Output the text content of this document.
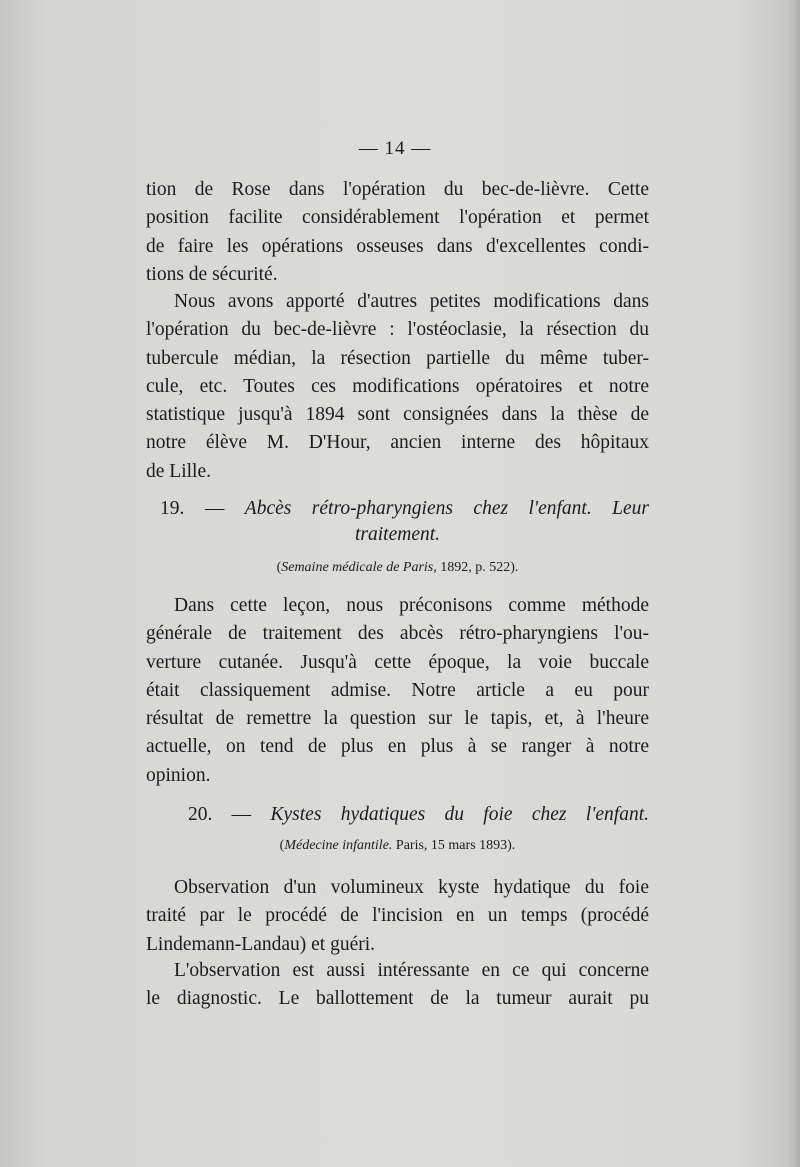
— 14 —
tion de Rose dans l'opération du bec-de-lièvre. Cette
position facilite considérablement l'opération et permet
de faire les opérations osseuses dans d'excellentes condi-
tions de sécurité.
Nous avons apporté d'autres petites modifications dans
l'opération du bec-de-lièvre : l'ostéoclasie, la résection du
tubercule médian, la résection partielle du même tuber-
cule, etc. Toutes ces modifications opératoires et notre
statistique jusqu'à 1894 sont consignées dans la thèse de
notre élève M. D'Hour, ancien interne des hôpitaux
de Lille.
19. — Abcès rétro-pharyngiens chez l'enfant. Leur
traitement.
(Semaine médicale de Paris, 1892, p. 522).
Dans cette leçon, nous préconisons comme méthode
générale de traitement des abcès rétro-pharyngiens l'ou-
verture cutanée. Jusqu'à cette époque, la voie buccale
était classiquement admise. Notre article a eu pour
résultat de remettre la question sur le tapis, et, à l'heure
actuelle, on tend de plus en plus à se ranger à notre
opinion.
20. — Kystes hydatiques du foie chez l'enfant.
(Médecine infantile. Paris, 15 mars 1893).
Observation d'un volumineux kyste hydatique du foie
traité par le procédé de l'incision en un temps (procédé
Lindemann-Landau) et guéri.
L'observation est aussi intéressante en ce qui concerne
le diagnostic. Le ballottement de la tumeur aurait pu
